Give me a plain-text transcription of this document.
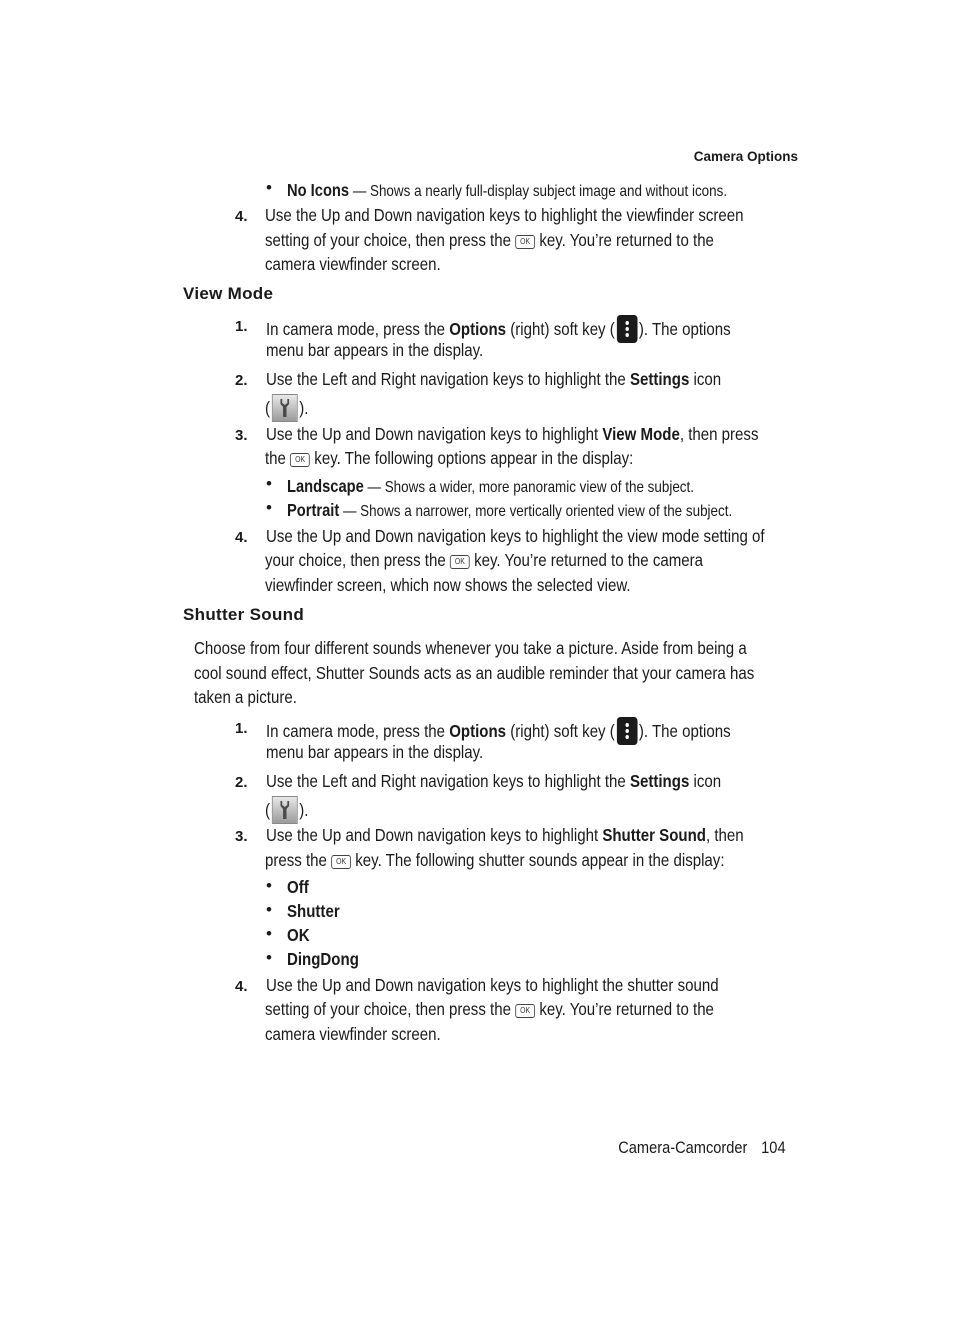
Camera Options
• No Icons — Shows a nearly full-display subject image and without icons.
4. Use the Up and Down navigation keys to highlight the viewfinder screen
setting of your choice, then press the OK key. You’re returned to the
camera viewfinder screen.
View Mode
1. In camera mode, press the Options (right) soft key ( ). The options
menu bar appears in the display.
2. Use the Left and Right navigation keys to highlight the Settings icon
( ).
3. Use the Up and Down navigation keys to highlight View Mode, then press
the OK key. The following options appear in the display:
• Landscape — Shows a wider, more panoramic view of the subject.
• Portrait — Shows a narrower, more vertically oriented view of the subject.
4. Use the Up and Down navigation keys to highlight the view mode setting of
your choice, then press the OK key. You’re returned to the camera
viewfinder screen, which now shows the selected view.
Shutter Sound
Choose from four different sounds whenever you take a picture. Aside from being a
cool sound effect, Shutter Sounds acts as an audible reminder that your camera has
taken a picture.
1. In camera mode, press the Options (right) soft key ( ). The options
menu bar appears in the display.
2. Use the Left and Right navigation keys to highlight the Settings icon
( ).
3. Use the Up and Down navigation keys to highlight Shutter Sound, then
press the OK key. The following shutter sounds appear in the display:
• Off
• Shutter
• OK
• DingDong
4. Use the Up and Down navigation keys to highlight the shutter sound
setting of your choice, then press the OK key. You’re returned to the
camera viewfinder screen.
Camera-Camcorder 104
